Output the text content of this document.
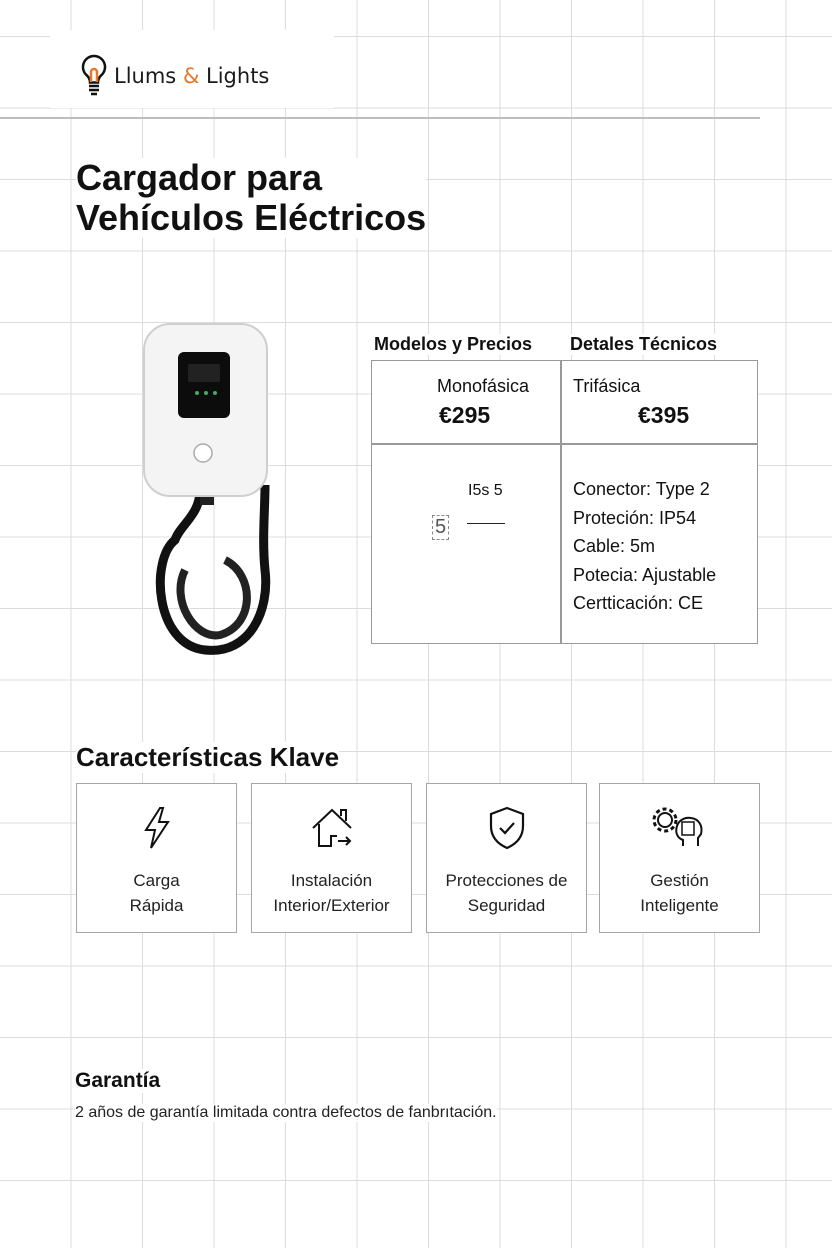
Llums & Lights
Cargador para
Vehículos Eléctricos
Modelos y Precios Detales Técnicos
Monofásica
€295
Trifásica
€395
I5s 5
5
Conector: Type 2
Proteción: IP54
Cable: 5m
Potecia: Ajustable
Certticación: CE
Características Klave
Carga
Rápida
Instalación
Interior/Exterior
Protecciones de
Seguridad
Gestión
Inteligente
Garantía
2 años de garantía limitada contra defectos de fanbrıtación.
